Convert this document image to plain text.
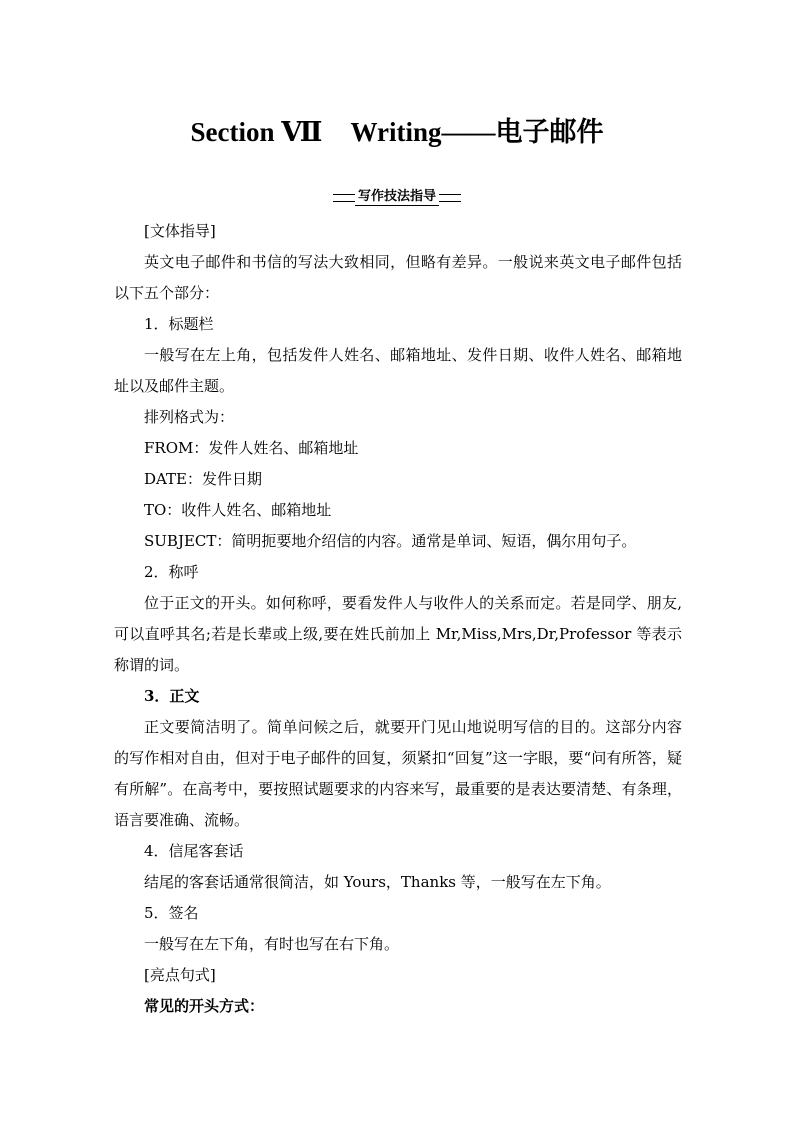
Section Ⅶ Writing——电子邮件
写作技法指导

[文体指导]

英文电子邮件和书信的写法大致相同，但略有差异。一般说来英文电子邮件包括以下五个部分：

1．标题栏

一般写在左上角，包括发件人姓名、邮箱地址、发件日期、收件人姓名、邮箱地址以及邮件主题。

排列格式为：

FROM：发件人姓名、邮箱地址

DATE：发件日期

TO：收件人姓名、邮箱地址

SUBJECT：简明扼要地介绍信的内容。通常是单词、短语，偶尔用句子。

2．称呼

位于正文的开头。如何称呼，要看发件人与收件人的关系而定。若是同学、朋友,可以直呼其名;若是长辈或上级,要在姓氏前加上 Mr,Miss,Mrs,Dr,Professor 等表示称谓的词。

3．正文

正文要简洁明了。简单问候之后，就要开门见山地说明写信的目的。这部分内容的写作相对自由，但对于电子邮件的回复，须紧扣“回复”这一字眼，要“问有所答，疑有所解”。在高考中，要按照试题要求的内容来写，最重要的是表达要清楚、有条理，语言要准确、流畅。

4．信尾客套话

结尾的客套话通常很简洁，如 Yours，Thanks 等，一般写在左下角。

5．签名

一般写在左下角，有时也写在右下角。

[亮点句式]

常见的开头方式：
